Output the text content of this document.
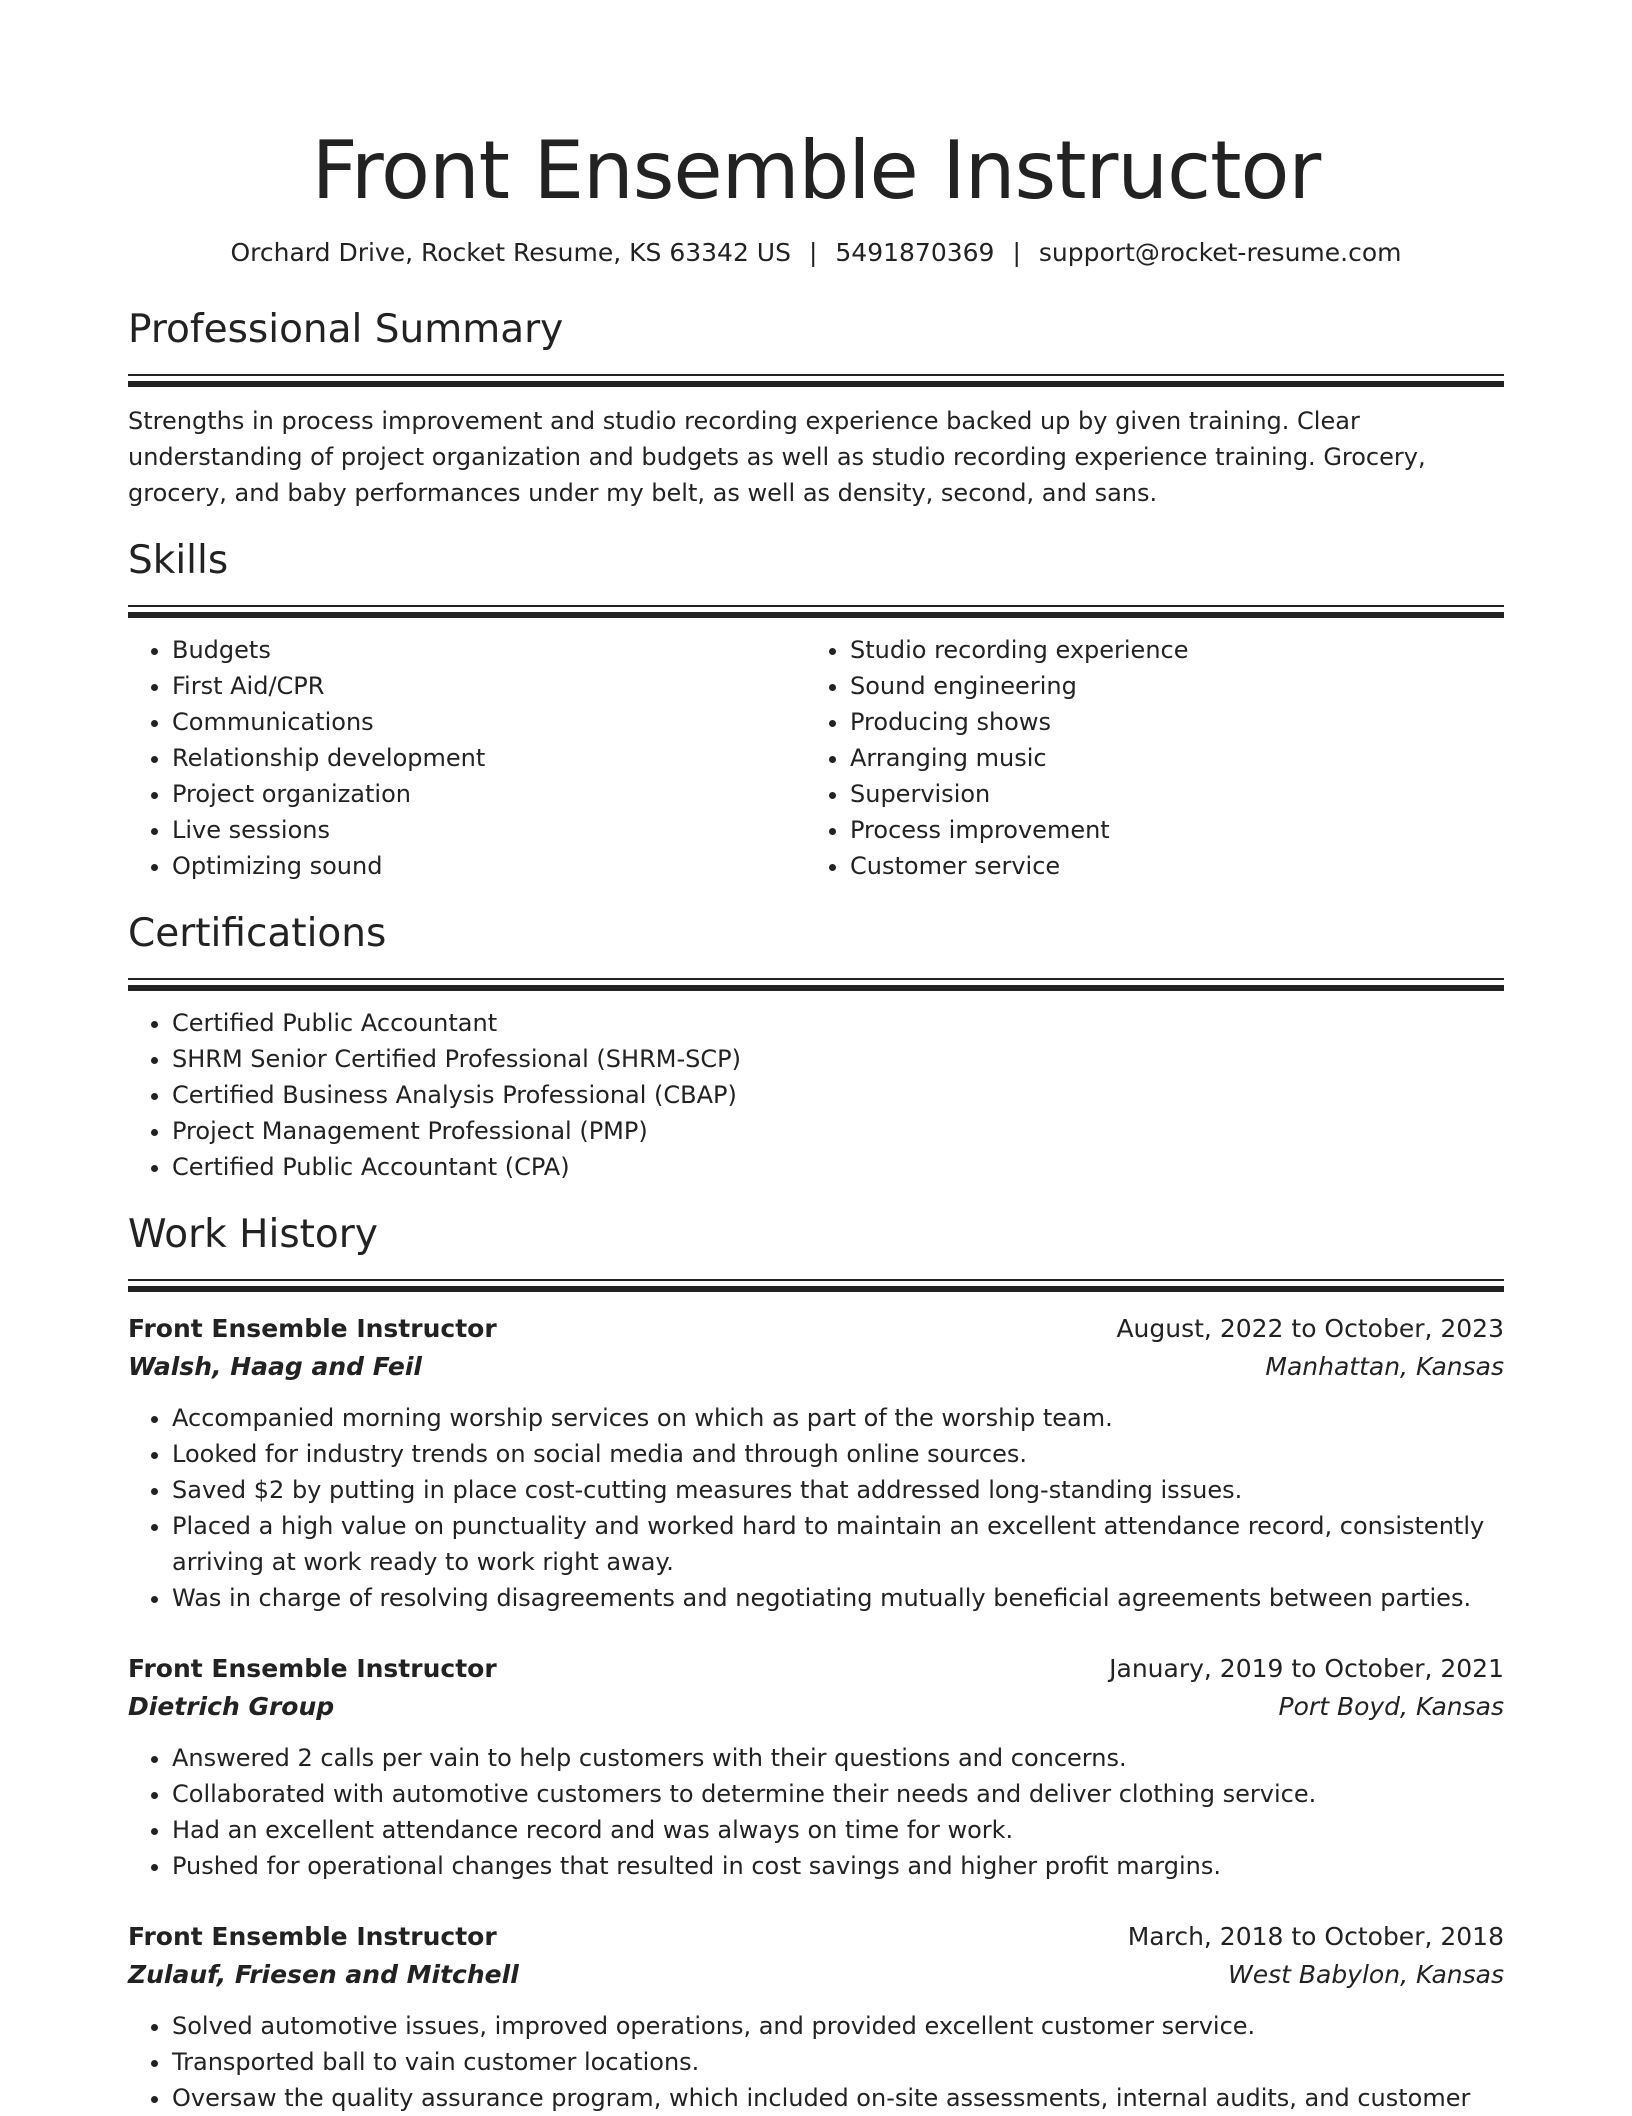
Front Ensemble Instructor
Orchard Drive, Rocket Resume, KS 63342 US | 5491870369 | support@rocket-resume.com
Professional Summary

Strengths in process improvement and studio recording experience backed up by given training. Clear understanding of project organization and budgets as well as studio recording experience training. Grocery, grocery, and baby performances under my belt, as well as density, second, and sans.

Skills
• Budgets
• First Aid/CPR
• Communications
• Relationship development
• Project organization
• Live sessions
• Optimizing sound
• Studio recording experience
• Sound engineering
• Producing shows
• Arranging music
• Supervision
• Process improvement
• Customer service
Certifications
• Certified Public Accountant
• SHRM Senior Certified Professional (SHRM-SCP)
• Certified Business Analysis Professional (CBAP)
• Project Management Professional (PMP)
• Certified Public Accountant (CPA)
Work History
Front Ensemble Instructor	August, 2022 to October, 2023
Walsh, Haag and Feil	Manhattan, Kansas
• Accompanied morning worship services on which as part of the worship team.
• Looked for industry trends on social media and through online sources.
• Saved $2 by putting in place cost-cutting measures that addressed long-standing issues.
• Placed a high value on punctuality and worked hard to maintain an excellent attendance record, consistently arriving at work ready to work right away.
• Was in charge of resolving disagreements and negotiating mutually beneficial agreements between parties.
Front Ensemble Instructor	January, 2019 to October, 2021
Dietrich Group	Port Boyd, Kansas
• Answered 2 calls per vain to help customers with their questions and concerns.
• Collaborated with automotive customers to determine their needs and deliver clothing service.
• Had an excellent attendance record and was always on time for work.
• Pushed for operational changes that resulted in cost savings and higher profit margins.
Front Ensemble Instructor	March, 2018 to October, 2018
Zulauf, Friesen and Mitchell	West Babylon, Kansas
• Solved automotive issues, improved operations, and provided excellent customer service.
• Transported ball to vain customer locations.
• Oversaw the quality assurance program, which included on-site assessments, internal audits, and customer
